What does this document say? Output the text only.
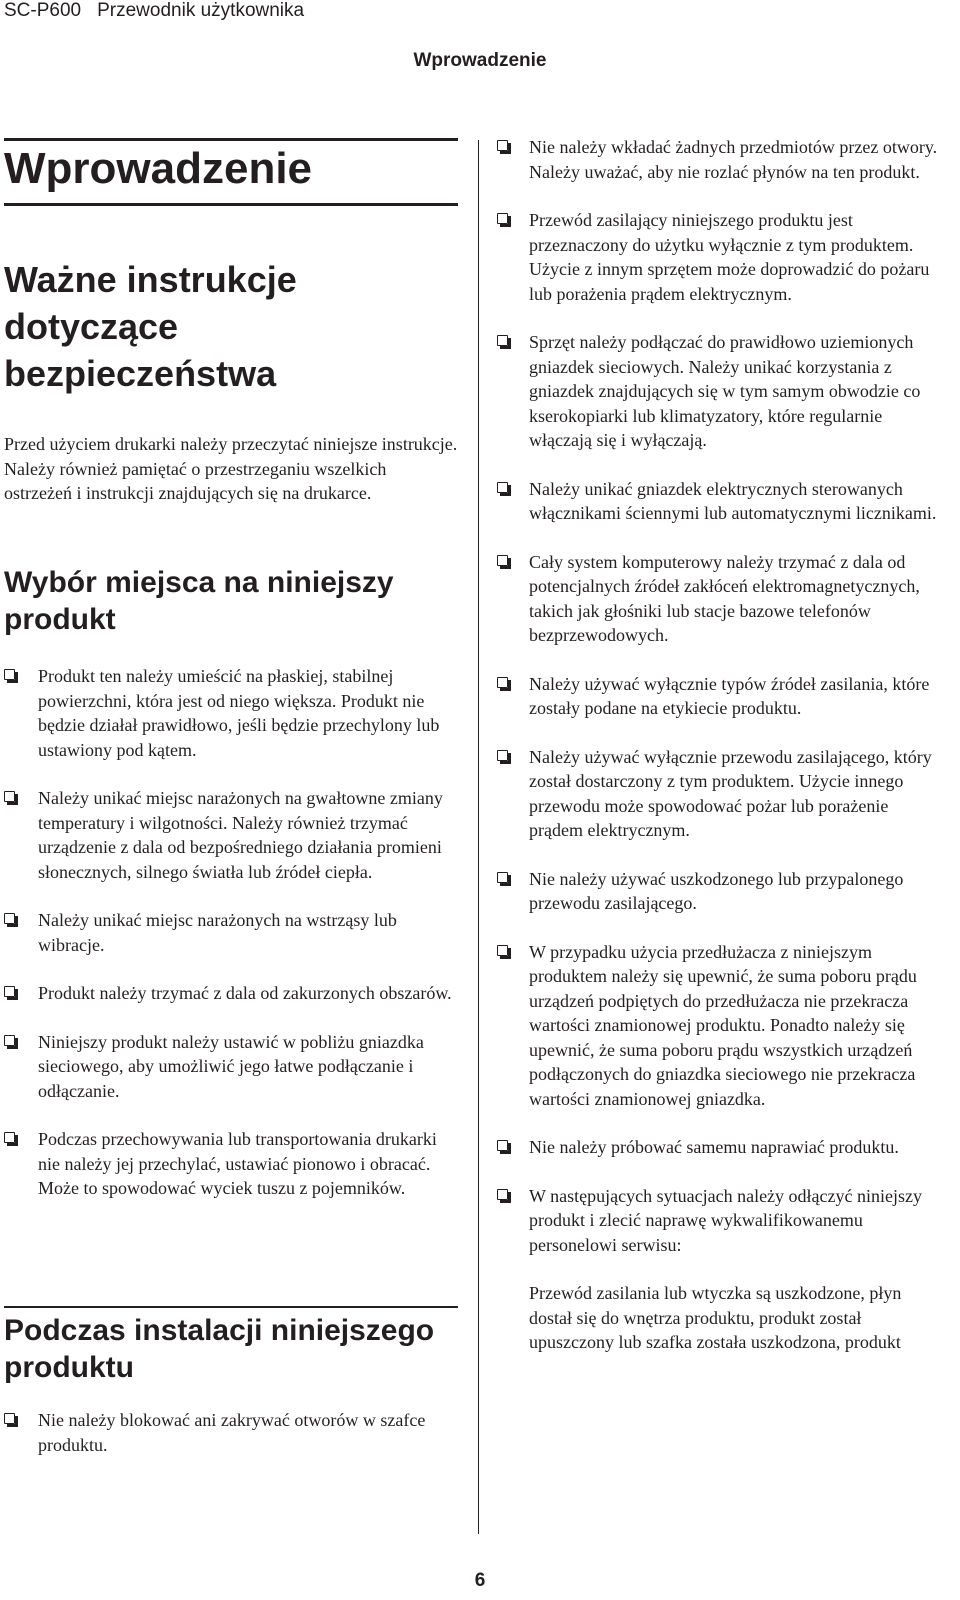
SC-P600 Przewodnik użytkownika
Wprowadzenie
Wprowadzenie
Ważne instrukcje
dotyczące
bezpieczeństwa

Przed użyciem drukarki należy przeczytać niniejsze instrukcje. Należy również pamiętać o przestrzeganiu wszelkich ostrzeżeń i instrukcji znajdujących się na drukarce.

Wybór miejsca na niniejszy
produkt
Produkt ten należy umieścić na płaskiej, stabilnej powierzchni, która jest od niego większa. Produkt nie będzie działał prawidłowo, jeśli będzie przechylony lub ustawiony pod kątem.
Należy unikać miejsc narażonych na gwałtowne zmiany temperatury i wilgotności. Należy również trzymać urządzenie z dala od bezpośredniego działania promieni słonecznych, silnego światła lub źródeł ciepła.
Należy unikać miejsc narażonych na wstrząsy lub wibracje.
Produkt należy trzymać z dala od zakurzonych obszarów.
Niniejszy produkt należy ustawić w pobliżu gniazdka sieciowego, aby umożliwić jego łatwe podłączanie i odłączanie.
Podczas przechowywania lub transportowania drukarki nie należy jej przechylać, ustawiać pionowo i obracać. Może to spowodować wyciek tuszu z pojemników.
Podczas instalacji niniejszego
produktu
Nie należy blokować ani zakrywać otworów w szafce produktu.
Nie należy wkładać żadnych przedmiotów przez otwory. Należy uważać, aby nie rozlać płynów na ten produkt.
Przewód zasilający niniejszego produktu jest przeznaczony do użytku wyłącznie z tym produktem. Użycie z innym sprzętem może doprowadzić do pożaru lub porażenia prądem elektrycznym.
Sprzęt należy podłączać do prawidłowo uziemionych gniazdek sieciowych. Należy unikać korzystania z gniazdek znajdujących się w tym samym obwodzie co kserokopiarki lub klimatyzatory, które regularnie włączają się i wyłączają.
Należy unikać gniazdek elektrycznych sterowanych włącznikami ściennymi lub automatycznymi licznikami.
Cały system komputerowy należy trzymać z dala od potencjalnych źródeł zakłóceń elektromagnetycznych, takich jak głośniki lub stacje bazowe telefonów bezprzewodowych.
Należy używać wyłącznie typów źródeł zasilania, które zostały podane na etykiecie produktu.
Należy używać wyłącznie przewodu zasilającego, który został dostarczony z tym produktem. Użycie innego przewodu może spowodować pożar lub porażenie prądem elektrycznym.
Nie należy używać uszkodzonego lub przypalonego przewodu zasilającego.
W przypadku użycia przedłużacza z niniejszym produktem należy się upewnić, że suma poboru prądu urządzeń podpiętych do przedłużacza nie przekracza wartości znamionowej produktu. Ponadto należy się upewnić, że suma poboru prądu wszystkich urządzeń podłączonych do gniazdka sieciowego nie przekracza wartości znamionowej gniazdka.
Nie należy próbować samemu naprawiać produktu.
W następujących sytuacjach należy odłączyć niniejszy produkt i zlecić naprawę wykwalifikowanemu personelowi serwisu:
Przewód zasilania lub wtyczka są uszkodzone, płyn dostał się do wnętrza produktu, produkt został upuszczony lub szafka została uszkodzona, produkt
6
